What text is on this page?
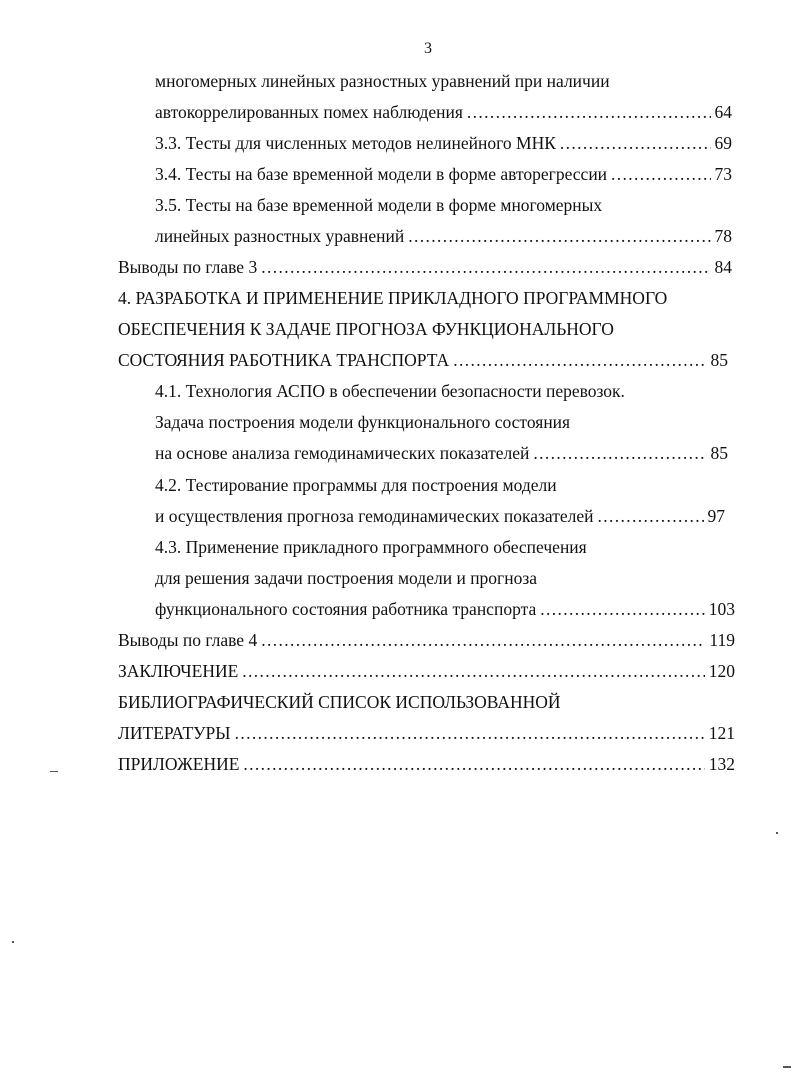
3
многомерных линейных разностных уравнений при наличии
автокоррелированных помех наблюдения . . .	64
3.3. Тесты для численных методов нелинейного МНК . . .	69
3.4. Тесты на базе временной модели в форме авторегрессии . . .	73
3.5. Тесты на базе временной модели в форме многомерных
линейных разностных уравнений . . .	78
Выводы по главе 3 . . .	84
4. РАЗРАБОТКА И ПРИМЕНЕНИЕ ПРИКЛАДНОГО ПРОГРАММНОГО
ОБЕСПЕЧЕНИЯ К ЗАДАЧЕ ПРОГНОЗА ФУНКЦИОНАЛЬНОГО
СОСТОЯНИЯ РАБОТНИКА ТРАНСПОРТА . . .	85
4.1. Технология АСПО в обеспечении безопасности перевозок.
Задача построения модели функционального состояния
на основе анализа гемодинамических показателей . . .	85
4.2. Тестирование программы для построения модели
и осуществления прогноза гемодинамических показателей . . .	97
4.3. Применение прикладного программного обеспечения
для решения задачи построения модели и прогноза
функционального состояния работника транспорта . . .	103
Выводы по главе 4 . . .	119
ЗАКЛЮЧЕНИЕ . . .	120
БИБЛИОГРАФИЧЕСКИЙ СПИСОК ИСПОЛЬЗОВАННОЙ
ЛИТЕРАТУРЫ . . .	121
ПРИЛОЖЕНИЕ . . .	132
